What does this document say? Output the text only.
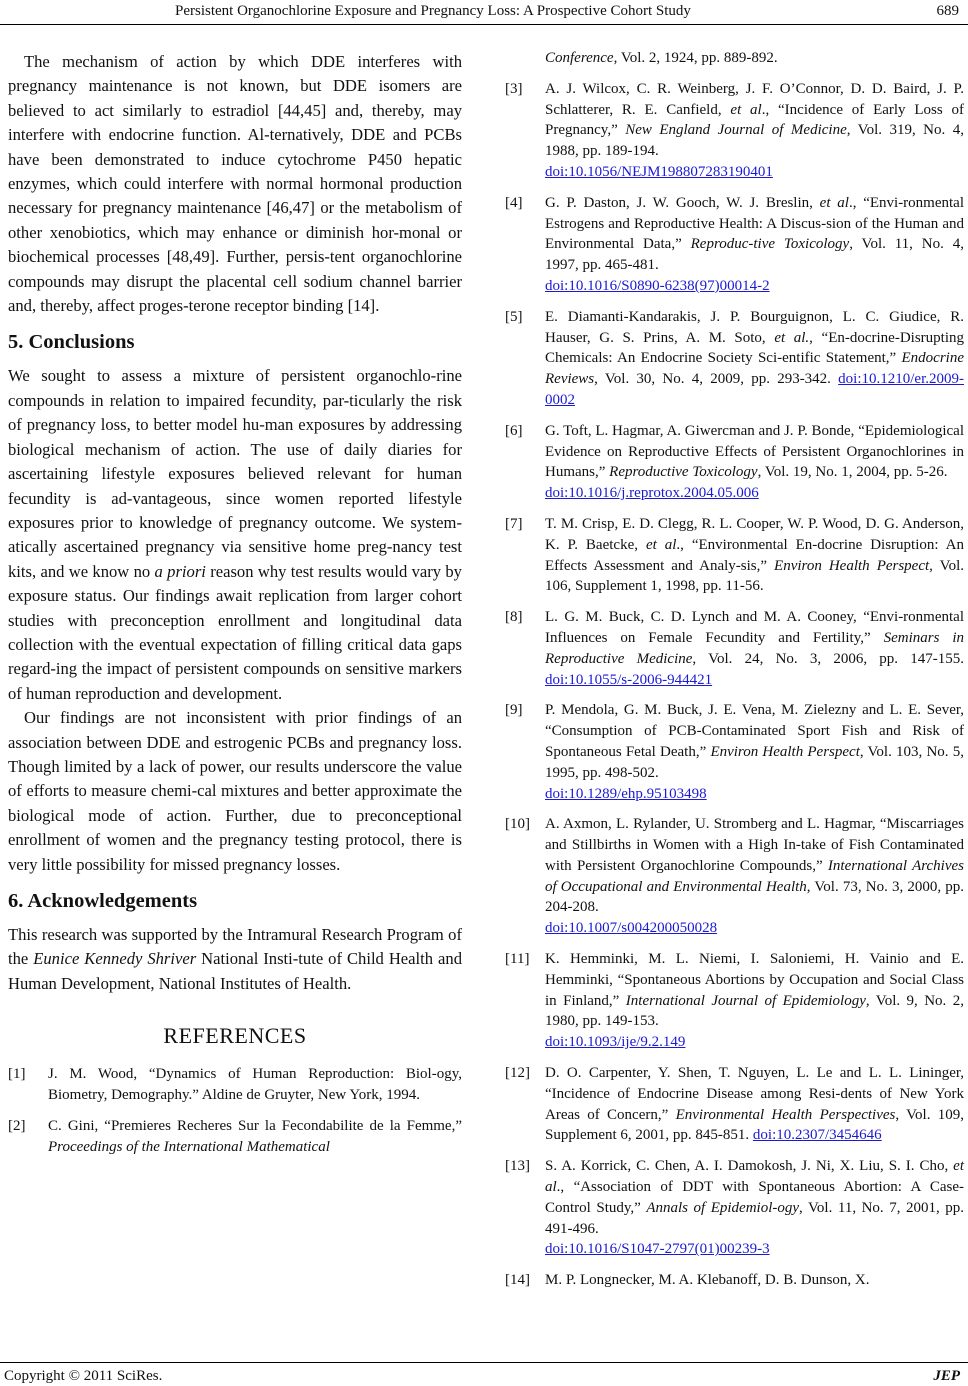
Persistent Organochlorine Exposure and Pregnancy Loss: A Prospective Cohort Study	689

The mechanism of action by which DDE interferes with pregnancy maintenance is not known, but DDE isomers are believed to act similarly to estradiol [44,45] and, thereby, may interfere with endocrine function. Al-ternatively, DDE and PCBs have been demonstrated to induce cytochrome P450 hepatic enzymes, which could interfere with normal hormonal production necessary for pregnancy maintenance [46,47] or the metabolism of other xenobiotics, which may enhance or diminish hor-monal or biochemical processes [48,49]. Further, persis-tent organochlorine compounds may disrupt the placental cell sodium channel barrier and, thereby, affect proges-terone receptor binding [14].

5. Conclusions

We sought to assess a mixture of persistent organochlo-rine compounds in relation to impaired fecundity, par-ticularly the risk of pregnancy loss, to better model hu-man exposures by addressing biological mechanism of action. The use of daily diaries for ascertaining lifestyle exposures believed relevant for human fecundity is ad-vantageous, since women reported lifestyle exposures prior to knowledge of pregnancy outcome. We system-atically ascertained pregnancy via sensitive home preg-nancy test kits, and we know no a priori reason why test results would vary by exposure status. Our findings await replication from larger cohort studies with preconception enrollment and longitudinal data collection with the eventual expectation of filling critical data gaps regard-ing the impact of persistent compounds on sensitive markers of human reproduction and development.

Our findings are not inconsistent with prior findings of an association between DDE and estrogenic PCBs and pregnancy loss. Though limited by a lack of power, our results underscore the value of efforts to measure chemi-cal mixtures and better approximate the biological mode of action. Further, due to preconceptional enrollment of women and the pregnancy testing protocol, there is very little possibility for missed pregnancy losses.

6. Acknowledgements

This research was supported by the Intramural Research Program of the Eunice Kennedy Shriver National Insti-tute of Child Health and Human Development, National Institutes of Health.

REFERENCES
[1] J. M. Wood, “Dynamics of Human Reproduction: Biol-ogy, Biometry, Demography.” Aldine de Gruyter, New York, 1994.
[2] C. Gini, “Premieres Recheres Sur la Fecondabilite de la Femme,” Proceedings of the International Mathematical
Conference, Vol. 2, 1924, pp. 889-892.
[3] A. J. Wilcox, C. R. Weinberg, J. F. O’Connor, D. D. Baird, J. P. Schlatterer, R. E. Canfield, et al., “Incidence of Early Loss of Pregnancy,” New England Journal of Medicine, Vol. 319, No. 4, 1988, pp. 189-194.
doi:10.1056/NEJM198807283190401
[4] G. P. Daston, J. W. Gooch, W. J. Breslin, et al., “Envi-ronmental Estrogens and Reproductive Health: A Discus-sion of the Human and Environmental Data,” Reproduc-tive Toxicology, Vol. 11, No. 4, 1997, pp. 465-481.
doi:10.1016/S0890-6238(97)00014-2
[5] E. Diamanti-Kandarakis, J. P. Bourguignon, L. C. Giudice, R. Hauser, G. S. Prins, A. M. Soto, et al., “En-docrine-Disrupting Chemicals: An Endocrine Society Sci-entific Statement,” Endocrine Reviews, Vol. 30, No. 4, 2009, pp. 293-342. doi:10.1210/er.2009-0002
[6] G. Toft, L. Hagmar, A. Giwercman and J. P. Bonde, “Epidemiological Evidence on Reproductive Effects of Persistent Organochlorines in Humans,” Reproductive Toxicology, Vol. 19, No. 1, 2004, pp. 5-26.
doi:10.1016/j.reprotox.2004.05.006
[7] T. M. Crisp, E. D. Clegg, R. L. Cooper, W. P. Wood, D. G. Anderson, K. P. Baetcke, et al., “Environmental En-docrine Disruption: An Effects Assessment and Analy-sis,” Environ Health Perspect, Vol. 106, Supplement 1, 1998, pp. 11-56.
[8] L. G. M. Buck, C. D. Lynch and M. A. Cooney, “Envi-ronmental Influences on Female Fecundity and Fertility,” Seminars in Reproductive Medicine, Vol. 24, No. 3, 2006, pp. 147-155. doi:10.1055/s-2006-944421
[9] P. Mendola, G. M. Buck, J. E. Vena, M. Zielezny and L. E. Sever, “Consumption of PCB-Contaminated Sport Fish and Risk of Spontaneous Fetal Death,” Environ Health Perspect, Vol. 103, No. 5, 1995, pp. 498-502.
doi:10.1289/ehp.95103498
[10] A. Axmon, L. Rylander, U. Stromberg and L. Hagmar, “Miscarriages and Stillbirths in Women with a High In-take of Fish Contaminated with Persistent Organochlorine Compounds,” International Archives of Occupational and Environmental Health, Vol. 73, No. 3, 2000, pp. 204-208.
doi:10.1007/s004200050028
[11] K. Hemminki, M. L. Niemi, I. Saloniemi, H. Vainio and E. Hemminki, “Spontaneous Abortions by Occupation and Social Class in Finland,” International Journal of Epidemiology, Vol. 9, No. 2, 1980, pp. 149-153.
doi:10.1093/ije/9.2.149
[12] D. O. Carpenter, Y. Shen, T. Nguyen, L. Le and L. L. Lininger, “Incidence of Endocrine Disease among Resi-dents of New York Areas of Concern,” Environmental Health Perspectives, Vol. 109, Supplement 6, 2001, pp. 845-851. doi:10.2307/3454646
[13] S. A. Korrick, C. Chen, A. I. Damokosh, J. Ni, X. Liu, S. I. Cho, et al., “Association of DDT with Spontaneous Abortion: A Case-Control Study,” Annals of Epidemiol-ogy, Vol. 11, No. 7, 2001, pp. 491-496.
doi:10.1016/S1047-2797(01)00239-3
[14] M. P. Longnecker, M. A. Klebanoff, D. B. Dunson, X.
Copyright © 2011 SciRes.	JEP
